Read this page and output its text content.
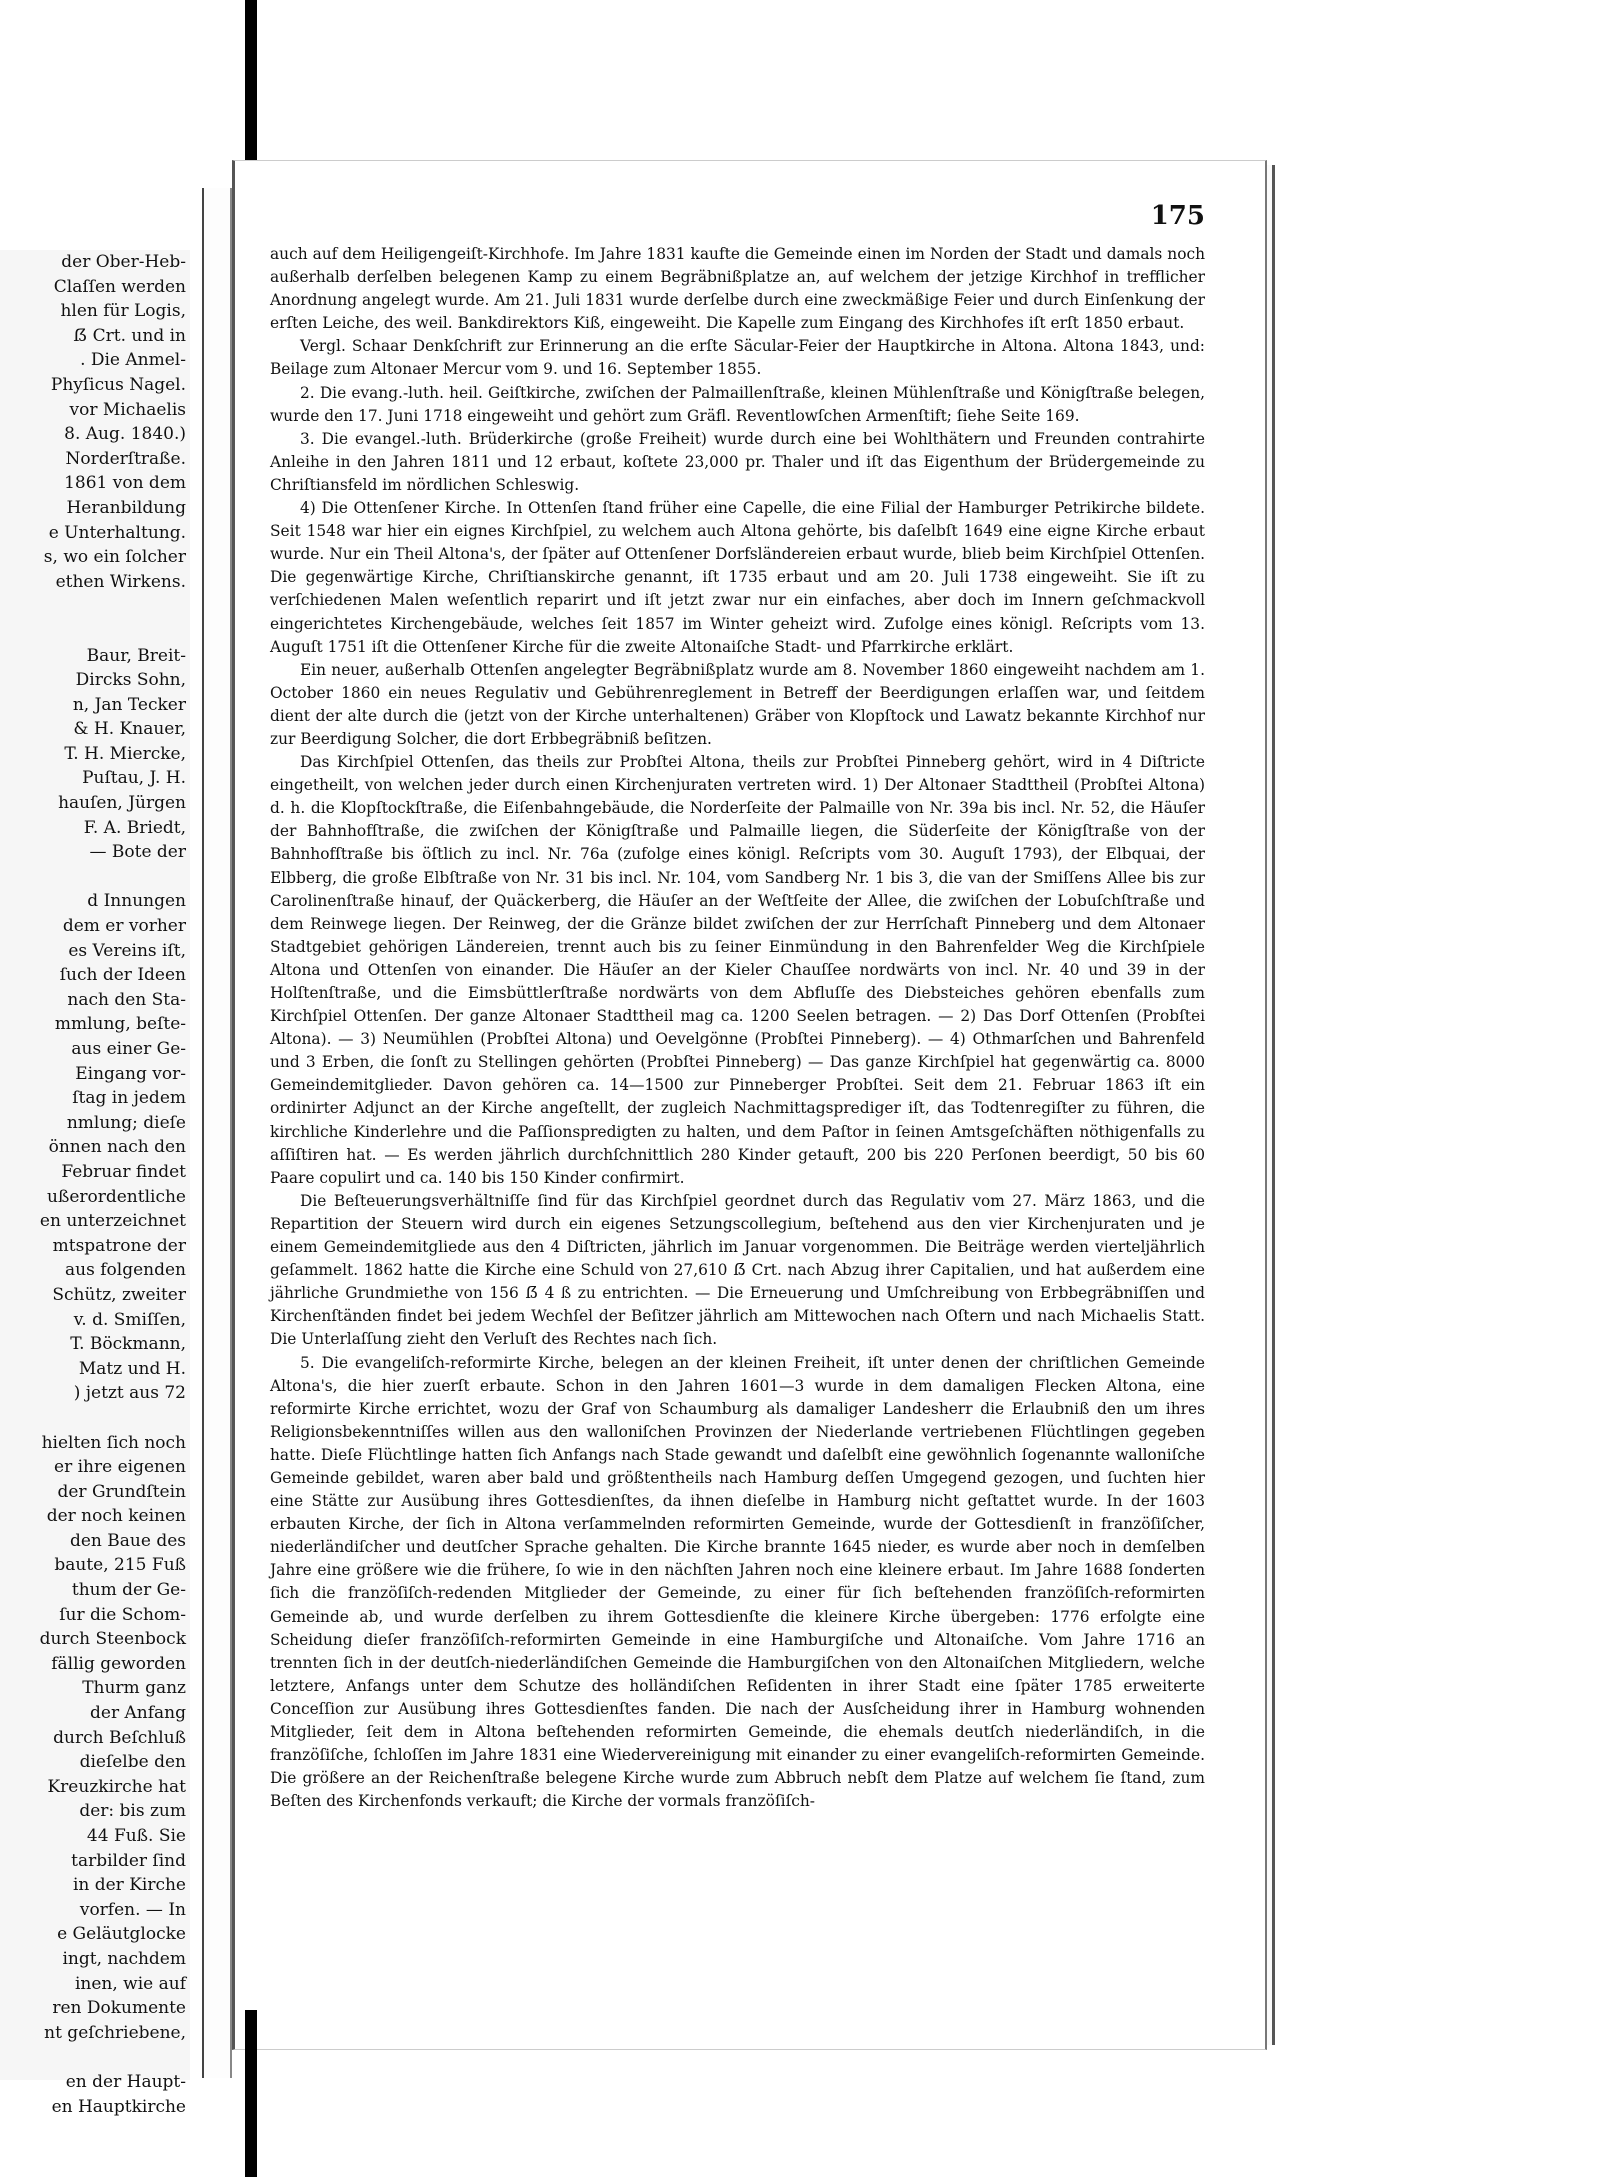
der Ober-Heb-
Claſſen werden
hlen für Logis,
ẞ Crt. und in
. Die Anmel-
Phyſicus Nagel.
vor Michaelis
8. Aug. 1840.)
Norderſtraße.
1861 von dem
Heranbildung
e Unterhaltung.
s, wo ein ſolcher
ethen Wirkens.

Baur, Breit-
Dircks Sohn,
n, Jan Tecker
& H. Knauer,
T. H. Miercke,
Puſtau, J. H.
hauſen, Jürgen
F. A. Briedt,
— Bote der

d Innungen
dem er vorher
es Vereins iſt,
ſuch der Ideen
nach den Sta-
mmlung, beſte-
aus einer Ge-
Eingang vor-
ſtag in jedem
nmlung; dieſe
önnen nach den
Februar findet
ußerordentliche
en unterzeichnet
mtspatrone der
aus folgenden
Schütz, zweiter
v. d. Smiſſen,
T. Böckmann,
Matz und H.
) jetzt aus 72

hielten ſich noch
er ihre eigenen
der Grundſtein
der noch keinen
den Baue des
baute, 215 Fuß
thum der Ge-
ſur die Schom-
durch Steenbock
fällig geworden
Thurm ganz
der Anfang
durch Beſchluß
dieſelbe den
Kreuzkirche hat
der: bis zum
44 Fuß. Sie
tarbilder ſind
in der Kirche
vorfen. — In
e Geläutglocke
ingt, nachdem
inen, wie auf
ren Dokumente
nt geſchriebene,

en der Haupt-
en Hauptkirche
175

auch auf dem Heiligengeiſt-Kirchhofe. Im Jahre 1831 kaufte die Gemeinde einen im Norden der Stadt und damals noch außerhalb derſelben belegenen Kamp zu einem Begräbnißplatze an, auf welchem der jetzige Kirchhof in trefflicher Anordnung angelegt wurde. Am 21. Juli 1831 wurde derſelbe durch eine zweckmäßige Feier und durch Einſenkung der erſten Leiche, des weil. Bankdirektors Kiß, eingeweiht. Die Kapelle zum Eingang des Kirchhofes iſt erſt 1850 erbaut.

Vergl. Schaar Denkſchrift zur Erinnerung an die erſte Säcular-Feier der Hauptkirche in Altona. Altona 1843, und: Beilage zum Altonaer Mercur vom 9. und 16. September 1855.

2. Die evang.-luth. heil. Geiſtkirche, zwiſchen der Palmaillenſtraße, kleinen Mühlenſtraße und Königſtraße belegen, wurde den 17. Juni 1718 eingeweiht und gehört zum Gräfl. Reventlowſchen Armenſtift; ſiehe Seite 169.

3. Die evangel.-luth. Brüderkirche (große Freiheit) wurde durch eine bei Wohlthätern und Freunden contrahirte Anleihe in den Jahren 1811 und 12 erbaut, koſtete 23,000 pr. Thaler und iſt das Eigenthum der Brüdergemeinde zu Chriſtiansfeld im nördlichen Schleswig.

4) Die Ottenſener Kirche. In Ottenſen ſtand früher eine Capelle, die eine Filial der Hamburger Petrikirche bildete. Seit 1548 war hier ein eignes Kirchſpiel, zu welchem auch Altona gehörte, bis daſelbſt 1649 eine eigne Kirche erbaut wurde. Nur ein Theil Altona's, der ſpäter auf Ottenſener Dorfsländereien erbaut wurde, blieb beim Kirchſpiel Ottenſen. Die gegenwärtige Kirche, Chriſtianskirche genannt, iſt 1735 erbaut und am 20. Juli 1738 eingeweiht. Sie iſt zu verſchiedenen Malen weſentlich reparirt und iſt jetzt zwar nur ein einfaches, aber doch im Innern geſchmackvoll eingerichtetes Kirchengebäude, welches ſeit 1857 im Winter geheizt wird. Zufolge eines königl. Reſcripts vom 13. Auguſt 1751 iſt die Ottenſener Kirche für die zweite Altonaiſche Stadt- und Pfarrkirche erklärt.

Ein neuer, außerhalb Ottenſen angelegter Begräbnißplatz wurde am 8. November 1860 eingeweiht nachdem am 1. October 1860 ein neues Regulativ und Gebührenreglement in Betreff der Beerdigungen erlaſſen war, und ſeitdem dient der alte durch die (jetzt von der Kirche unterhaltenen) Gräber von Klopſtock und Lawatz bekannte Kirchhof nur zur Beerdigung Solcher, die dort Erbbegräbniß beſitzen.

Das Kirchſpiel Ottenſen, das theils zur Probſtei Altona, theils zur Probſtei Pinneberg gehört, wird in 4 Diſtricte eingetheilt, von welchen jeder durch einen Kirchenjuraten vertreten wird. 1) Der Altonaer Stadttheil (Probſtei Altona) d. h. die Klopſtockſtraße, die Eiſenbahngebäude, die Norderſeite der Palmaille von Nr. 39a bis incl. Nr. 52, die Häuſer der Bahnhofſtraße, die zwiſchen der Königſtraße und Palmaille liegen, die Süderſeite der Königſtraße von der Bahnhofſtraße bis öſtlich zu incl. Nr. 76a (zufolge eines königl. Reſcripts vom 30. Auguſt 1793), der Elbquai, der Elbberg, die große Elbſtraße von Nr. 31 bis incl. Nr. 104, vom Sandberg Nr. 1 bis 3, die van der Smiſſens Allee bis zur Carolinenſtraße hinauf, der Quäckerberg, die Häuſer an der Weſtſeite der Allee, die zwiſchen der Lobuſchſtraße und dem Reinwege liegen. Der Reinweg, der die Gränze bildet zwiſchen der zur Herrſchaft Pinneberg und dem Altonaer Stadtgebiet gehörigen Ländereien, trennt auch bis zu ſeiner Einmündung in den Bahrenfelder Weg die Kirchſpiele Altona und Ottenſen von einander. Die Häuſer an der Kieler Chauſſee nordwärts von incl. Nr. 40 und 39 in der Holſtenſtraße, und die Eimsbüttlerſtraße nordwärts von dem Abfluſſe des Diebsteiches gehören ebenfalls zum Kirchſpiel Ottenſen. Der ganze Altonaer Stadttheil mag ca. 1200 Seelen betragen. — 2) Das Dorf Ottenſen (Probſtei Altona). — 3) Neumühlen (Probſtei Altona) und Oevelgönne (Probſtei Pinneberg). — 4) Othmarſchen und Bahrenfeld und 3 Erben, die ſonſt zu Stellingen gehörten (Probſtei Pinneberg) — Das ganze Kirchſpiel hat gegenwärtig ca. 8000 Gemeindemitglieder. Davon gehören ca. 14—1500 zur Pinneberger Probſtei. Seit dem 21. Februar 1863 iſt ein ordinirter Adjunct an der Kirche angeſtellt, der zugleich Nachmittagsprediger iſt, das Todtenregiſter zu führen, die kirchliche Kinderlehre und die Paſſionspredigten zu halten, und dem Paſtor in ſeinen Amtsgeſchäften nöthigenfalls zu aſſiſtiren hat. — Es werden jährlich durchſchnittlich 280 Kinder getauft, 200 bis 220 Perſonen beerdigt, 50 bis 60 Paare copulirt und ca. 140 bis 150 Kinder confirmirt.

Die Beſteuerungsverhältniſſe ſind für das Kirchſpiel geordnet durch das Regulativ vom 27. März 1863, und die Repartition der Steuern wird durch ein eigenes Setzungscollegium, beſtehend aus den vier Kirchenjuraten und je einem Gemeindemitgliede aus den 4 Diſtricten, jährlich im Januar vorgenommen. Die Beiträge werden vierteljährlich geſammelt. 1862 hatte die Kirche eine Schuld von 27,610 ẞ Crt. nach Abzug ihrer Capitalien, und hat außerdem eine jährliche Grundmiethe von 156 ẞ 4 ß zu entrichten. — Die Erneuerung und Umſchreibung von Erbbegräbniſſen und Kirchenſtänden findet bei jedem Wechſel der Beſitzer jährlich am Mittewochen nach Oſtern und nach Michaelis Statt. Die Unterlaſſung zieht den Verluſt des Rechtes nach ſich.

5. Die evangeliſch-reformirte Kirche, belegen an der kleinen Freiheit, iſt unter denen der chriſtlichen Gemeinde Altona's, die hier zuerſt erbaute. Schon in den Jahren 1601—3 wurde in dem damaligen Flecken Altona, eine reformirte Kirche errichtet, wozu der Graf von Schaumburg als damaliger Landesherr die Erlaubniß den um ihres Religionsbekenntniſſes willen aus den walloniſchen Provinzen der Niederlande vertriebenen Flüchtlingen gegeben hatte. Dieſe Flüchtlinge hatten ſich Anfangs nach Stade gewandt und daſelbſt eine gewöhnlich ſogenannte walloniſche Gemeinde gebildet, waren aber bald und größtentheils nach Hamburg deſſen Umgegend gezogen, und ſuchten hier eine Stätte zur Ausübung ihres Gottesdienſtes, da ihnen dieſelbe in Hamburg nicht geſtattet wurde. In der 1603 erbauten Kirche, der ſich in Altona verſammelnden reformirten Gemeinde, wurde der Gottesdienſt in franzöſiſcher, niederländiſcher und deutſcher Sprache gehalten. Die Kirche brannte 1645 nieder, es wurde aber noch in demſelben Jahre eine größere wie die frühere, ſo wie in den nächſten Jahren noch eine kleinere erbaut. Im Jahre 1688 ſonderten ſich die franzöſiſch-redenden Mitglieder der Gemeinde, zu einer für ſich beſtehenden franzöſiſch-reformirten Gemeinde ab, und wurde derſelben zu ihrem Gottesdienſte die kleinere Kirche übergeben: 1776 erfolgte eine Scheidung dieſer franzöſiſch-reformirten Gemeinde in eine Hamburgiſche und Altonaiſche. Vom Jahre 1716 an trennten ſich in der deutſch-niederländiſchen Gemeinde die Hamburgiſchen von den Altonaiſchen Mitgliedern, welche letztere, Anfangs unter dem Schutze des holländiſchen Reſidenten in ihrer Stadt eine ſpäter 1785 erweiterte Conceſſion zur Ausübung ihres Gottesdienſtes fanden. Die nach der Ausſcheidung ihrer in Hamburg wohnenden Mitglieder, ſeit dem in Altona beſtehenden reformirten Gemeinde, die ehemals deutſch niederländiſch, in die franzöſiſche, ſchloſſen im Jahre 1831 eine Wiedervereinigung mit einander zu einer evangeliſch-reformirten Gemeinde. Die größere an der Reichenſtraße belegene Kirche wurde zum Abbruch nebſt dem Platze auf welchem ſie ſtand, zum Beſten des Kirchenfonds verkauft; die Kirche der vormals franzöſiſch-
